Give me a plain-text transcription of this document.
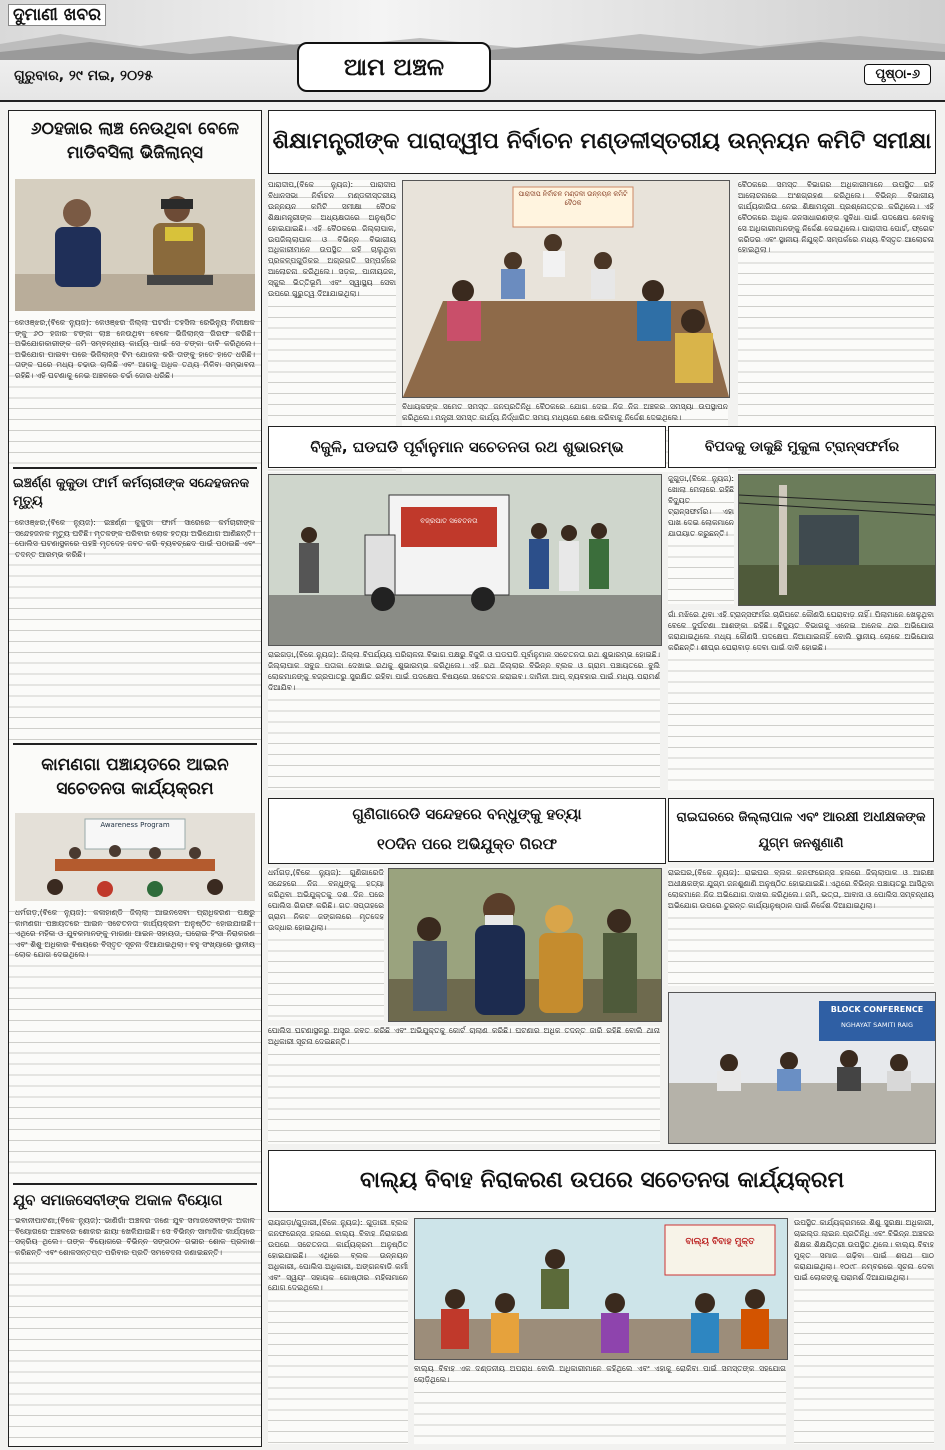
ଦୁମାଣୀ ଖବର
ଗୁରୁବାର, ୨୯ ମଇ, ୨୦୨୫	ଆମ ଅଞ୍ଚଳ	ପୃଷ୍ଠା-୬
୬୦ହଜାର ଲାଞ୍ଚ ନେଉଥିବା ବେଳେ ମାଡିବସିଲା ଭିଜିଲାନ୍ସ
କେଓଞ୍ଝର,(ବିକେ ନ୍ୟୁଜ): କେଓଞ୍ଝର ଜିଲ୍ଲା ଘଟଗାଁ ତହସିଲ ରେଭିନ୍ୟୁ ନିରୀକ୍ଷକ ଙ୍କୁ ୬୦ ହଜାର ଟଙ୍କା ଲାଞ୍ଚ ନେଉଥିବା ବେଳେ ଭିଜିଲାନ୍ସ ଗିରଫ କରିଛି। ଅଭିଯୋଗକାରୀଙ୍କ ଜମି ସମ୍ବନ୍ଧୀୟ କାର୍ଯ୍ୟ ପାଇଁ ସେ ଟଙ୍କା ଦାବି କରିଥିଲେ। ଅଭିଯୋଗ ପାଇବା ପରେ ଭିଜିଲାନ୍ସ ଟିମ ଯୋଜନା କରି ତାଙ୍କୁ ହାତେ ହାତେ ଧରିଛି। ତାଙ୍କ ଘରେ ମଧ୍ୟ ଚଢାଉ ଚାଲିଛି ଏବଂ ଆଗକୁ ଅଧିକ ତଥ୍ୟ ମିଳିବା ସମ୍ଭାବନା ରହିଛି। ଏହି ଘଟଣାକୁ ନେଇ ଅଞ୍ଚଳରେ ଚର୍ଚ୍ଚା ଜୋର ଧରିଛି।
ଇଞ୍ଚର୍ଣ୍ଣ କୁକୁଡା ଫାର୍ମ କର୍ମଚାରୀଙ୍କ ସନ୍ଦେହଜନକ ମୃତ୍ୟୁ
କେଓଞ୍ଝର,(ବିକେ ନ୍ୟୁଜ): ଇଞ୍ଚର୍ଣ୍ଣ କୁକୁଡା ଫାର୍ମ ସାରେରେ କର୍ମଚାରୀଙ୍କ ସନ୍ଦେହଜନକ ମୃତ୍ୟୁ ଘଟିଛି। ମୃତକଙ୍କ ପରିବାର ଲୋକ ହତ୍ୟା ଅଭିଯୋଗ ଆଣିଛନ୍ତି। ପୋଲିସ ଘଟଣାସ୍ଥଳରେ ପହଞ୍ଚି ମୃତଦେହ ଜବତ କରି ବ୍ୟବଚ୍ଛେଦ ପାଇଁ ପଠାଇଛି ଏବଂ ତଦନ୍ତ ଆରମ୍ଭ କରିଛି।
କାମଣଗା ପଞ୍ଚାୟତରେ ଆଇନ ସଚେତନତା କାର୍ଯ୍ୟକ୍ରମ
Awareness Program
ଧର୍ମଗଡ଼,(ବିକେ ନ୍ୟୁଜ): କଳାହାଣ୍ଡି ଜିଲ୍ଲା ଆଇନସେବା ପ୍ରାଧିକରଣ ପକ୍ଷରୁ କାମଣଗା ପଞ୍ଚାୟତରେ ଆଇନ ସଚେତନତା କାର୍ଯ୍ୟକ୍ରମ ଅନୁଷ୍ଠିତ ହୋଇଯାଇଛି। ଏଥିରେ ମହିଳା ଓ ଯୁବକମାନଙ୍କୁ ମାଗଣା ଆଇନ ସହାୟତା, ଘରୋଇ ହିଂସା ନିରାକରଣ ଏବଂ ଶିଶୁ ଅଧିକାର ବିଷୟରେ ବିସ୍ତୃତ ସୂଚନା ଦିଆଯାଇଥିଲା। ବହୁ ସଂଖ୍ୟାରେ ସ୍ଥାନୀୟ ଲୋକ ଯୋଗ ଦେଇଥିଲେ।
ଯୁବ ସମାଜସେବୀଙ୍କ ଅକାଳ ବିୟୋଗ
ଭବାନୀପାଟଣା,(ବିକେ ନ୍ୟୁଜ): ଭାଣିଗାଁ ଅଞ୍ଚଳର ଜଣେ ଯୁବ ସମାଜସେବୀଙ୍କ ଅକାଳ ବିୟୋଗରେ ଅଞ୍ଚଳରେ ଶୋକର ଛାୟା ଖେଳିଯାଇଛି। ସେ ବିଭିନ୍ନ ସାମାଜିକ କାର୍ଯ୍ୟରେ ସକ୍ରିୟ ଥିଲେ। ତାଙ୍କ ବିୟୋଗରେ ବିଭିନ୍ନ ସଙ୍ଗଠନ ଗଭୀର ଶୋକ ପ୍ରକାଶ କରିଛନ୍ତି ଏବଂ ଶୋକସନ୍ତପ୍ତ ପରିବାର ପ୍ରତି ସମବେଦନା ଜଣାଇଛନ୍ତି।
ଶିକ୍ଷାମନ୍ତ୍ରୀଙ୍କ ପାରାଦ୍ୱୀପ ନିର୍ବାଚନ ମଣ୍ଡଳୀସ୍ତରୀୟ ଉନ୍ନୟନ କମିଟି ସମୀକ୍ଷା
ପାରାଦୀପ,(ବିକେ ନ୍ୟୁଜ): ପାରାଦୀପ ବିଧାନସଭା ନିର୍ବାଚନ ମଣ୍ଡଳୀସ୍ତରୀୟ ଉନ୍ନୟନ କମିଟି ସମୀକ୍ଷା ବୈଠକ ଶିକ୍ଷାମନ୍ତ୍ରୀଙ୍କ ଅଧ୍ୟକ୍ଷତାରେ ଅନୁଷ୍ଠିତ ହୋଇଯାଇଛି। ଏହି ବୈଠକରେ ଜିଲ୍ଲାପାଳ, ଉପଜିଲ୍ଲାପାଳ ଓ ବିଭିନ୍ନ ବିଭାଗୀୟ ଅଧିକାରୀମାନେ ଉପସ୍ଥିତ ରହି ଚାଲୁଥିବା ପ୍ରକଳ୍ପଗୁଡିକର ଅଗ୍ରଗତି ସମ୍ପର୍କରେ ଆଲୋଚନା କରିଥିଲେ। ସଡ଼କ, ପାନୀୟଜଳ, ସ୍କୁଲ ଭିତ୍ତିଭୂମି ଏବଂ ସ୍ୱାସ୍ଥ୍ୟ ସେବା ଉପରେ ଗୁରୁତ୍ୱ ଦିଆଯାଇଥିଲା।
ପାରାଦୀପ ନିର୍ବାଚନ ମଣ୍ଡଳୀ ଉନ୍ନୟନ କମିଟି ବୈଠକ
ବିଧାୟକଙ୍କ ସମେତ ସମସ୍ତ ଜନପ୍ରତିନିଧି ବୈଠକରେ ଯୋଗ ଦେଇ ନିଜ ନିଜ ଅଞ୍ଚଳର ସମସ୍ୟା ଉପସ୍ଥାପନ କରିଥିଲେ। ମନ୍ତ୍ରୀ ସମସ୍ତ କାର୍ଯ୍ୟ ନିର୍ଦ୍ଧାରିତ ସମୟ ମଧ୍ୟରେ ଶେଷ କରିବାକୁ ନିର୍ଦ୍ଦେଶ ଦେଇଥିଲେ।
ବୈଠକରେ ସମସ୍ତ ବିଭାଗର ଅଧିକାରୀମାନେ ଉପସ୍ଥିତ ରହି ଆଲୋଚନାରେ ଅଂଶଗ୍ରହଣ କରିଥିଲେ। ବିଭିନ୍ନ ବିଭାଗୀୟ କାର୍ଯ୍ୟକାରିତା ନେଇ ଶିକ୍ଷାମନ୍ତ୍ରୀ ପ୍ରଶ୍ନୋତ୍ତର କରିଥିଲେ। ଏହି ବୈଠକରେ ଅଧିକ ଜନସାଧାରଣଙ୍କ ସୁବିଧା ପାଇଁ ପଦକ୍ଷେପ ନେବାକୁ ସେ ଅଧିକାରୀମାନଙ୍କୁ ନିର୍ଦ୍ଦେଶ ଦେଇଥିଲେ। ପାରାଦୀପ ପୋର୍ଟ, ଫ୍ରେଟ କରିଡର ଏବଂ ସ୍ଥାନୀୟ ନିଯୁକ୍ତି ସମ୍ପର୍କରେ ମଧ୍ୟ ବିସ୍ତୃତ ଆଲୋଚନା ହୋଇଥିଲା।
ବିଜୁଳି, ଘଡଘଡି ପୂର୍ବାନୁମାନ ସଚେତନତା ରଥ ଶୁଭାରମ୍ଭ	ବିପଦକୁ ଡାକୁଛି ମୁକୁଳା ଟ୍ରାନ୍ସଫର୍ମର
ବଜ୍ରପାତ ସଚେତନତା
ରାଇଗଡ଼ା,(ବିକେ ନ୍ୟୁଜ): ଜିଲ୍ଲା ବିପର୍ଯ୍ୟୟ ପରିଚାଳନା ବିଭାଗ ପକ୍ଷରୁ ବିଜୁଳି ଓ ଘଡଘଡି ପୂର୍ବାନୁମାନ ସଚେତନତା ରଥ ଶୁଭାରମ୍ଭ ହୋଇଛି। ଜିଲ୍ଲାପାଳ ସବୁଜ ପତାକା ଦେଖାଇ ରଥକୁ ଶୁଭାରମ୍ଭ କରିଥିଲେ। ଏହି ରଥ ଜିଲ୍ଲାର ବିଭିନ୍ନ ବ୍ଲକ ଓ ଗ୍ରାମ ପଞ୍ଚାୟତରେ ବୁଲି ଲୋକମାନଙ୍କୁ ବଜ୍ରପାତରୁ ସୁରକ୍ଷିତ ରହିବା ପାଇଁ ପଦକ୍ଷେପ ବିଷୟରେ ସଚେତନ କରାଇବ। ଦାମିନୀ ଆପ୍ ବ୍ୟବହାର ପାଇଁ ମଧ୍ୟ ପରାମର୍ଶ ଦିଆଯିବ।
ଜୁଗୁଡ଼ା,(ବିକେ ନ୍ୟୁଜ): ଖୋଲା ମେଲାରେ ରହିଛି ବିଦ୍ୟୁତ ଟ୍ରାନ୍ସଫର୍ମର। ଏହା ପାଖ ଦେଇ ଲୋକମାନେ ଯାତାୟାତ କରୁଛନ୍ତି।
ଗାଁ ମଝିରେ ଥିବା ଏହି ଟ୍ରାନ୍ସଫର୍ମର ଚାରିପଟେ କୌଣସି ଘେରାବାଡ଼ ନାହିଁ। ପିଲାମାନେ ଖେଳୁଥିବା ବେଳେ ଦୁର୍ଘଟଣା ଆଶଙ୍କା ରହିଛି। ବିଦ୍ୟୁତ ବିଭାଗକୁ ଏନେଇ ଅନେକ ଥର ଅଭିଯୋଗ କରାଯାଇଥିଲେ ମଧ୍ୟ କୌଣସି ପଦକ୍ଷେପ ନିଆଯାଇନାହିଁ ବୋଲି ସ୍ଥାନୀୟ ଲୋକେ ଅଭିଯୋଗ କରିଛନ୍ତି। ଶୀଘ୍ର ଘେରାବାଡ଼ ଦେବା ପାଇଁ ଦାବି ହୋଇଛି।
ଗୁଣିଗାରେଡି ସନ୍ଦେହରେ ବନ୍ଧୁଙ୍କୁ ହତ୍ୟା
୧୦ଦିନ ପରେ ଅଭିଯୁକ୍ତ ଗିରଫ
ଧର୍ମଗଡ଼,(ବିକେ ନ୍ୟୁଜ): ଗୁଣିଗାରେଡି ସନ୍ଦେହରେ ନିଜ ବନ୍ଧୁଙ୍କୁ ହତ୍ୟା କରିଥିବା ଅଭିଯୁକ୍ତକୁ ଦଶ ଦିନ ପରେ ପୋଲିସ ଗିରଫ କରିଛି। ଗତ ସପ୍ତାହରେ ଗ୍ରାମ ନିକଟ ଜଙ୍ଗଲରେ ମୃତଦେହ ଉଦ୍ଧାର ହୋଇଥିଲା।
ପୋଲିସ ଘଟଣାସ୍ଥଳରୁ ଅସ୍ତ୍ର ଜବତ କରିଛି ଏବଂ ଅଭିଯୁକ୍ତକୁ କୋର୍ଟ ଚାଲାଣ କରିଛି। ଘଟଣାର ଅଧିକ ତଦନ୍ତ ଜାରି ରହିଛି ବୋଲି ଥାନା ଅଧିକାରୀ ସୂଚନା ଦେଇଛନ୍ତି।
ରାଇଘରରେ ଜିଲ୍ଲାପାଳ ଏବଂ ଆରକ୍ଷୀ ଅଧୀକ୍ଷକଙ୍କ ଯୁଗ୍ମ ଜନଶୁଣାଣି
ରାଇଘର,(ବିକେ ନ୍ୟୁଜ): ରାଇଘର ବ୍ଲକ କନଫରେନ୍ସ ହଲରେ ଜିଲ୍ଲାପାଳ ଓ ଆରକ୍ଷୀ ଅଧୀକ୍ଷକଙ୍କ ଯୁଗ୍ମ ଜନଶୁଣାଣି ଅନୁଷ୍ଠିତ ହୋଇଯାଇଛି। ଏଥିରେ ବିଭିନ୍ନ ପଞ୍ଚାୟତରୁ ଆସିଥିବା ଲୋକମାନେ ନିଜ ଅଭିଯୋଗ ଦାଖଲ କରିଥିଲେ। ଜମି, ଭତ୍ତା, ଆବାସ ଓ ପୋଲିସ ସମ୍ବନ୍ଧୀୟ ଅଭିଯୋଗ ଉପରେ ତୁରନ୍ତ କାର୍ଯ୍ୟାନୁଷ୍ଠାନ ପାଇଁ ନିର୍ଦ୍ଦେଶ ଦିଆଯାଇଥିଲା।
BLOCK CONFERENCE
NGHAYAT SAMITI RAIG
ବାଲ୍ୟ ବିବାହ ନିରାକରଣ ଉପରେ ସଚେତନତା କାର୍ଯ୍ୟକ୍ରମ
ରାୟଗଡ଼ା/ଗୁଡ଼ାରୀ,(ବିକେ ନ୍ୟୁଜ): ଗୁଡ଼ାରୀ ବ୍ଲକ କନଫରେନ୍ସ ହଲରେ ବାଲ୍ୟ ବିବାହ ନିରାକରଣ ଉପରେ ସଚେତନତା କାର୍ଯ୍ୟକ୍ରମ ଅନୁଷ୍ଠିତ ହୋଇଯାଇଛି। ଏଥିରେ ବ୍ଲକ ଉନ୍ନୟନ ଅଧିକାରୀ, ପୋଲିସ ଅଧିକାରୀ, ଅଙ୍ଗନବାଡି କର୍ମୀ ଏବଂ ସ୍ୱୟଂ ସହାୟକ ଗୋଷ୍ଠୀର ମହିଳାମାନେ ଯୋଗ ଦେଇଥିଲେ।
ବାଲ୍ୟ ବିବାହ ମୁକ୍ତ
ବାଲ୍ୟ ବିବାହ ଏକ ଦଣ୍ଡନୀୟ ଅପରାଧ ବୋଲି ଅଧିକାରୀମାନେ କହିଥିଲେ ଏବଂ ଏହାକୁ ରୋକିବା ପାଇଁ ସମସ୍ତଙ୍କ ସହଯୋଗ ଲୋଡ଼ିଥିଲେ।
ଉପସ୍ଥିତ କାର୍ଯ୍ୟକ୍ରମରେ ଶିଶୁ ସୁରକ୍ଷା ଅଧିକାରୀ, ଚାଇଲ୍ଡ ଲାଇନ ପ୍ରତିନିଧି ଏବଂ ବିଭିନ୍ନ ଅଞ୍ଚଳର ଶିକ୍ଷକ ଶିକ୍ଷୟିତ୍ରୀ ଉପସ୍ଥିତ ଥିଲେ। ବାଲ୍ୟ ବିବାହ ମୁକ୍ତ ସମାଜ ଗଢ଼ିବା ପାଇଁ ଶପଥ ପାଠ କରାଯାଇଥିଲା। ୧୦୯୮ ନମ୍ବରରେ ସୂଚନା ଦେବା ପାଇଁ ଲୋକଙ୍କୁ ପରାମର୍ଶ ଦିଆଯାଇଥିଲା।
